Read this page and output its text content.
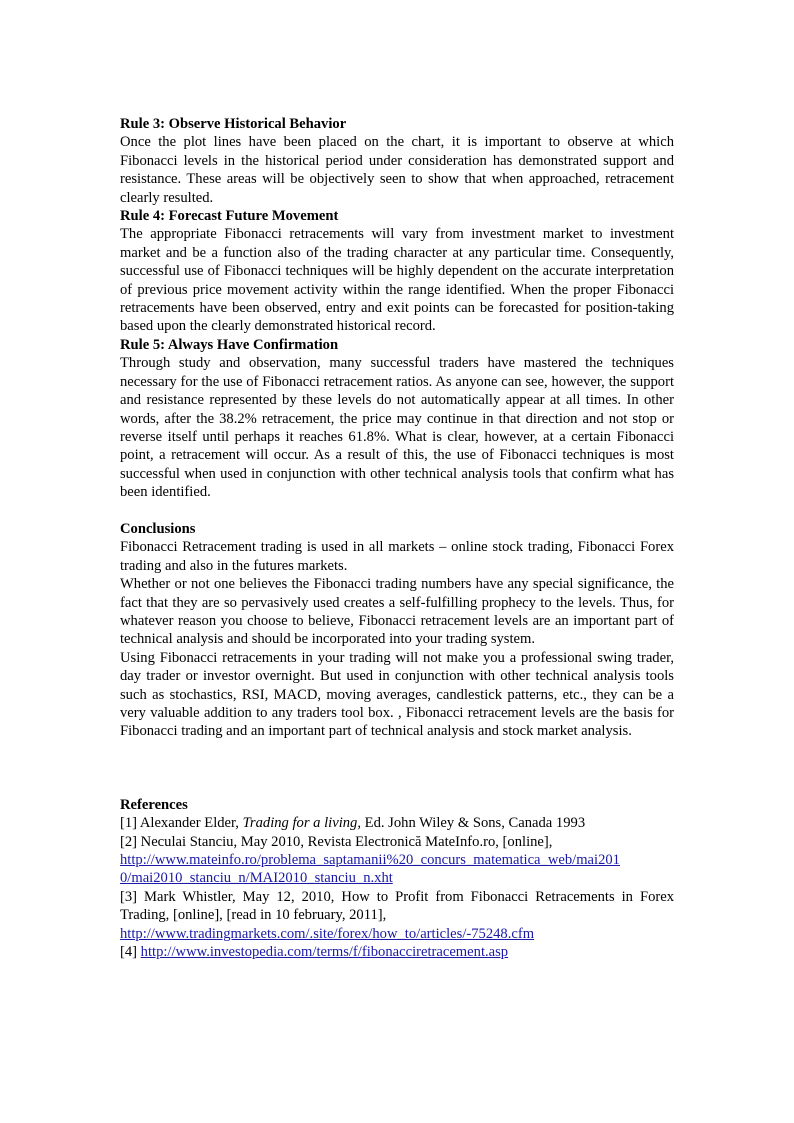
Rule 3: Observe Historical Behavior

Once the plot lines have been placed on the chart, it is important to observe at which Fibonacci levels in the historical period under consideration has demonstrated support and resistance. These areas will be objectively seen to show that when approached, retracement clearly resulted.

Rule 4: Forecast Future Movement

The appropriate Fibonacci retracements will vary from investment market to investment market and be a function also of the trading character at any particular time. Consequently, successful use of Fibonacci techniques will be highly dependent on the accurate interpretation of previous price movement activity within the range identified. When the proper Fibonacci retracements have been observed, entry and exit points can be forecasted for position-taking based upon the clearly demonstrated historical record.

Rule 5: Always Have Confirmation

Through study and observation, many successful traders have mastered the techniques necessary for the use of Fibonacci retracement ratios. As anyone can see, however, the support and resistance represented by these levels do not automatically appear at all times. In other words, after the 38.2% retracement, the price may continue in that direction and not stop or reverse itself until perhaps it reaches 61.8%. What is clear, however, at a certain Fibonacci point, a retracement will occur. As a result of this, the use of Fibonacci techniques is most successful when used in conjunction with other technical analysis tools that confirm what has been identified.

Conclusions

Fibonacci Retracement trading is used in all markets – online stock trading, Fibonacci Forex trading and also in the futures markets.

Whether or not one believes the Fibonacci trading numbers have any special significance, the fact that they are so pervasively used creates a self-fulfilling prophecy to the levels. Thus, for whatever reason you choose to believe, Fibonacci retracement levels are an important part of technical analysis and should be incorporated into your trading system.

Using Fibonacci retracements in your trading will not make you a professional swing trader, day trader or investor overnight. But used in conjunction with other technical analysis tools such as stochastics, RSI, MACD, moving averages, candlestick patterns, etc., they can be a very valuable addition to any traders tool box. , Fibonacci retracement levels are the basis for Fibonacci trading and an important part of technical analysis and stock market analysis.

References

[1] Alexander Elder, Trading for a living, Ed. John Wiley & Sons, Canada 1993

[2] Neculai Stanciu, May 2010, Revista Electronică MateInfo.ro, [online],
http://www.mateinfo.ro/problema_saptamanii%20_concurs_matematica_web/mai201
0/mai2010_stanciu_n/MAI2010_stanciu_n.xht

[3] Mark Whistler, May 12, 2010, How to Profit from Fibonacci Retracements in Forex Trading, [online], [read in 10 february, 2011],
http://www.tradingmarkets.com/.site/forex/how_to/articles/-75248.cfm

[4] http://www.investopedia.com/terms/f/fibonacciretracement.asp
